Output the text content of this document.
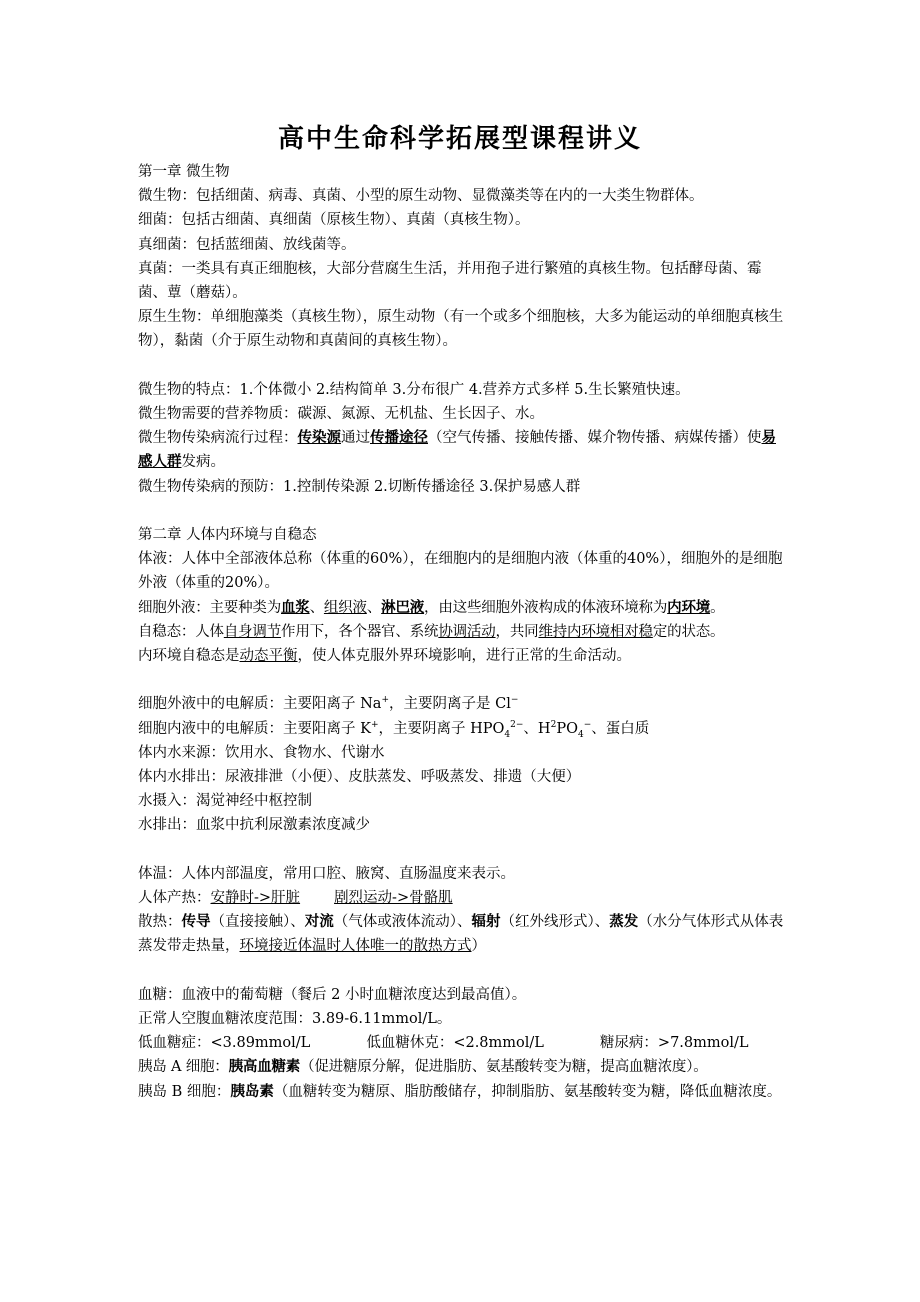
高中生命科学拓展型课程讲义

第一章 微生物

微生物：包括细菌、病毒、真菌、小型的原生动物、显微藻类等在内的一大类生物群体。

细菌：包括古细菌、真细菌（原核生物）、真菌（真核生物）。

真细菌：包括蓝细菌、放线菌等。

真菌：一类具有真正细胞核，大部分营腐生生活，并用孢子进行繁殖的真核生物。包括酵母菌、霉菌、蕈（蘑菇）。

原生生物：单细胞藻类（真核生物），原生动物（有一个或多个细胞核，大多为能运动的单细胞真核生物），黏菌（介于原生动物和真菌间的真核生物）。

微生物的特点：1.个体微小 2.结构简单 3.分布很广 4.营养方式多样 5.生长繁殖快速。

微生物需要的营养物质：碳源、氮源、无机盐、生长因子、水。

微生物传染病流行过程：传染源通过传播途径（空气传播、接触传播、媒介物传播、病媒传播）使易感人群发病。

微生物传染病的预防：1.控制传染源 2.切断传播途径 3.保护易感人群

第二章 人体内环境与自稳态

体液：人体中全部液体总称（体重的60%），在细胞内的是细胞内液（体重的40%），细胞外的是细胞外液（体重的20%）。

细胞外液：主要种类为血浆、组织液、淋巴液，由这些细胞外液构成的体液环境称为内环境。

自稳态：人体自身调节作用下，各个器官、系统协调活动，共同维持内环境相对稳定的状态。

内环境自稳态是动态平衡，使人体克服外界环境影响，进行正常的生命活动。

细胞外液中的电解质：主要阳离子 Na+，主要阴离子是 Cl−

细胞内液中的电解质：主要阳离子 K+，主要阴离子 $HPO_4^{2-}$、$H^2PO_4^-$、蛋白质

体内水来源：饮用水、食物水、代谢水

体内水排出：尿液排泄（小便）、皮肤蒸发、呼吸蒸发、排遗（大便）

水摄入：渴觉神经中枢控制

水排出：血浆中抗利尿激素浓度减少

体温：人体内部温度，常用口腔、腋窝、直肠温度来表示。

人体产热：安静时->肝脏 剧烈运动->骨骼肌

散热：传导（直接接触）、对流（气体或液体流动）、辐射（红外线形式）、蒸发（水分气体形式从体表蒸发带走热量，环境接近体温时人体唯一的散热方式）

血糖：血液中的葡萄糖（餐后 2 小时血糖浓度达到最高值）。

正常人空腹血糖浓度范围：3.89-6.11mmol/L。

低血糖症：<3.89mmol/L	低血糖休克：<2.8mmol/L	糖尿病：>7.8mmol/L

胰岛 A 细胞：胰高血糖素（促进糖原分解，促进脂肪、氨基酸转变为糖，提高血糖浓度）。

胰岛 B 细胞：胰岛素（血糖转变为糖原、脂肪酸储存，抑制脂肪、氨基酸转变为糖，降低血糖浓度。
